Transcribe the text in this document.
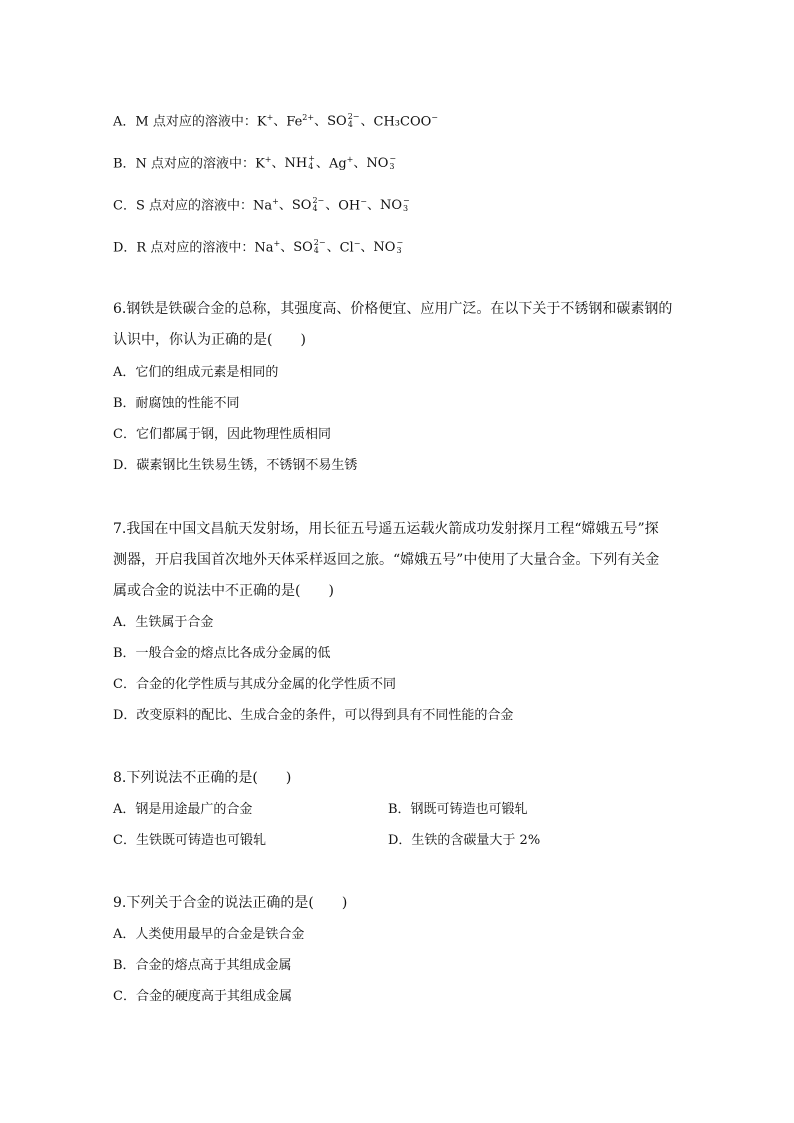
A．M 点对应的溶液中：K+、$Fe^{2+}$、SO 2−
4 、CH₃COO−
B．N 点对应的溶液中：K+、NH +
4 、Ag+、NO −
3
C．S 点对应的溶液中：Na+、SO 2−
4 、OH−、NO −
3
D．R 点对应的溶液中：Na+、SO 2−
4 、Cl−、NO −
3
6.钢铁是铁碳合金的总称，其强度高、价格便宜、应用广泛。在以下关于不锈钢和碳素钢的
认识中，你认为正确的是(　　)
A．它们的组成元素是相同的
B．耐腐蚀的性能不同
C．它们都属于钢，因此物理性质相同
D．碳素钢比生铁易生锈，不锈钢不易生锈
7.我国在中国文昌航天发射场，用长征五号遥五运载火箭成功发射探月工程“嫦娥五号”探
测器，开启我国首次地外天体采样返回之旅。“嫦娥五号”中使用了大量合金。下列有关金
属或合金的说法中不正确的是(　　)
A．生铁属于合金
B．一般合金的熔点比各成分金属的低
C．合金的化学性质与其成分金属的化学性质不同
D．改变原料的配比、生成合金的条件，可以得到具有不同性能的合金
8.下列说法不正确的是(　　)
A．钢是用途最广的合金	B．钢既可铸造也可锻轧
C．生铁既可铸造也可锻轧	D．生铁的含碳量大于 2%
9.下列关于合金的说法正确的是(　　)
A．人类使用最早的合金是铁合金
B．合金的熔点高于其组成金属
C．合金的硬度高于其组成金属
